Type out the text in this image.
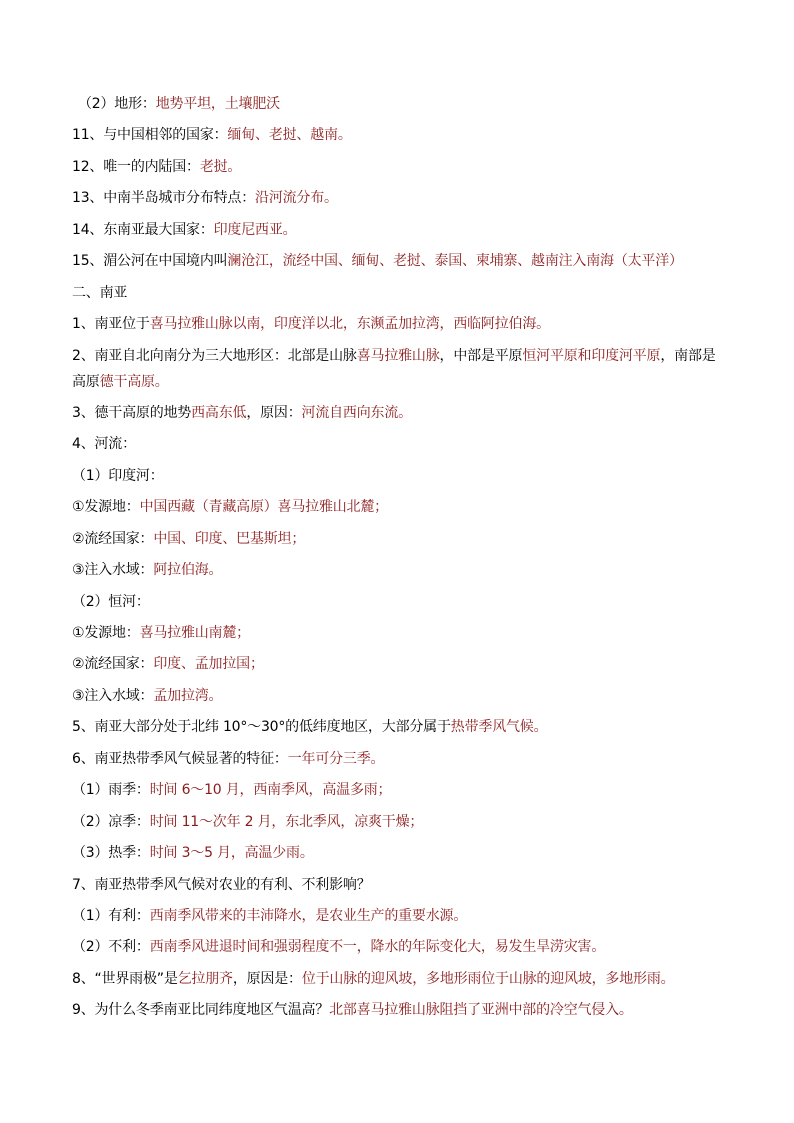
（2）地形：地势平坦，土壤肥沃
11、与中国相邻的国家：缅甸、老挝、越南。
12、唯一的内陆国：老挝。
13、中南半岛城市分布特点：沿河流分布。
14、东南亚最大国家：印度尼西亚。
15、湄公河在中国境内叫澜沧江，流经中国、缅甸、老挝、泰国、柬埔寨、越南注入南海（太平洋）
二、南亚
1、南亚位于喜马拉雅山脉以南，印度洋以北，东濒孟加拉湾，西临阿拉伯海。
2、南亚自北向南分为三大地形区：北部是山脉喜马拉雅山脉，中部是平原恒河平原和印度河平原，南部是
高原德干高原。
3、德干高原的地势西高东低，原因：河流自西向东流。
4、河流：
（1）印度河：
①发源地：中国西藏（青藏高原）喜马拉雅山北麓；
②流经国家：中国、印度、巴基斯坦；
③注入水域：阿拉伯海。
（2）恒河：
①发源地：喜马拉雅山南麓；
②流经国家：印度、孟加拉国；
③注入水域：孟加拉湾。
5、南亚大部分处于北纬 10°～30°的低纬度地区，大部分属于热带季风气候。
6、南亚热带季风气候显著的特征：一年可分三季。
（1）雨季：时间 6～10 月，西南季风，高温多雨；
（2）凉季：时间 11～次年 2 月，东北季风，凉爽干燥；
（3）热季：时间 3～5 月，高温少雨。
7、南亚热带季风气候对农业的有利、不利影响？
（1）有利：西南季风带来的丰沛降水，是农业生产的重要水源。
（2）不利：西南季风进退时间和强弱程度不一，降水的年际变化大，易发生旱涝灾害。
8、“世界雨极”是乞拉朋齐，原因是：位于山脉的迎风坡，多地形雨位于山脉的迎风坡，多地形雨。
9、为什么冬季南亚比同纬度地区气温高？北部喜马拉雅山脉阻挡了亚洲中部的冷空气侵入。
